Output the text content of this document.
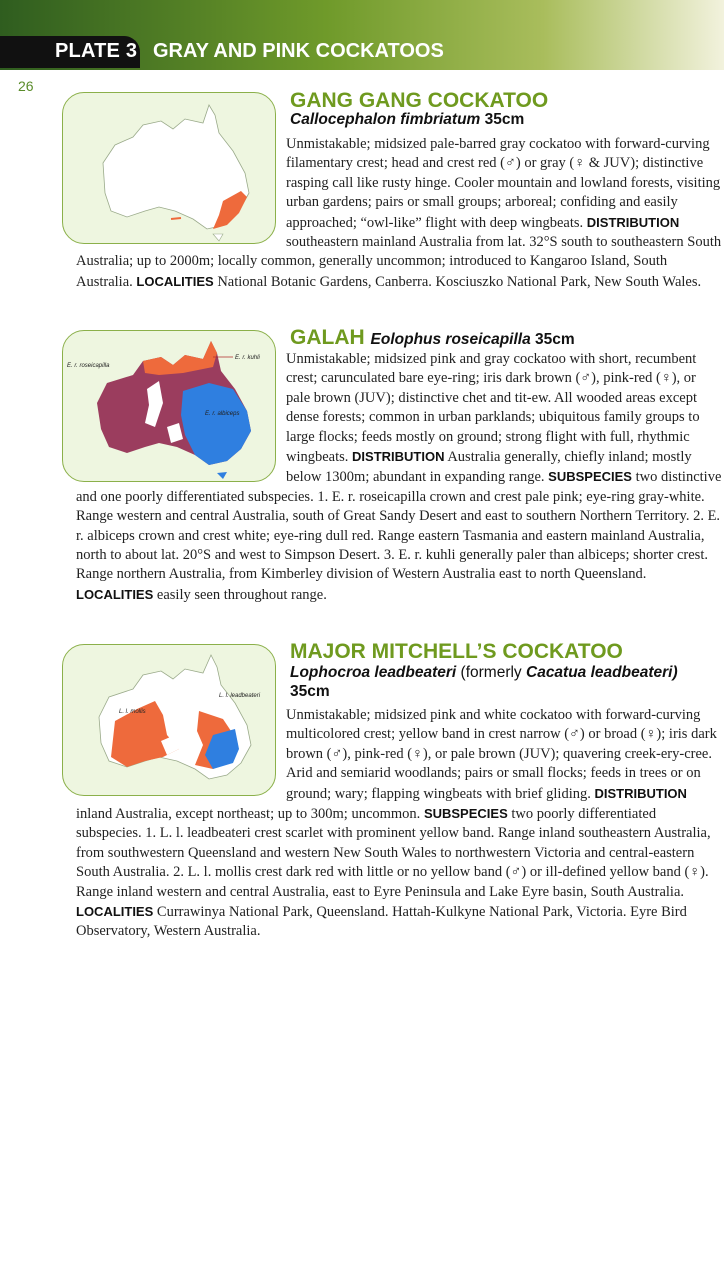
PLATE 3 GRAY AND PINK COCKATOOS
26
GANG GANG COCKATOO
Callocephalon fimbriatum 35cm
Unmistakable; midsized pale-barred gray cockatoo with forward-curving filamentary crest; head and crest red (♂) or gray (♀ & JUV); distinctive rasping call like rusty hinge. Cooler mountain and lowland forests, visiting urban gardens; pairs or small groups; arboreal; confiding and easily approached; “owl-like” flight with deep wingbeats. DISTRIBUTION southeastern mainland Australia from lat. 32°S south to southeastern South Australia; up to 2000m; locally common, generally uncommon; introduced to Kangaroo Island, South Australia. LOCALITIES National Botanic Gardens, Canberra. Kosciuszko National Park, New South Wales.
E. r. roseicapilla
E. r. kuhli
E. r. albiceps
GALAH Eolophus roseicapilla 35cm
Unmistakable; midsized pink and gray cockatoo with short, recumbent crest; carunculated bare eye-ring; iris dark brown (♂), pink-red (♀), or pale brown (JUV); distinctive chet and tit-ew. All wooded areas except dense forests; common in urban parklands; ubiquitous family groups to large flocks; feeds mostly on ground; strong flight with full, rhythmic wingbeats. DISTRIBUTION Australia generally, chiefly inland; mostly below 1300m; abundant in expanding range. SUBSPECIES two distinctive and one poorly differentiated subspecies. 1. E. r. roseicapilla crown and crest pale pink; eye-ring gray-white. Range western and central Australia, south of Great Sandy Desert and east to southern Northern Territory. 2. E. r. albiceps crown and crest white; eye-ring dull red. Range eastern Tasmania and eastern mainland Australia, north to about lat. 20°S and west to Simpson Desert. 3. E. r. kuhli generally paler than albiceps; shorter crest. Range northern Australia, from Kimberley division of Western Australia east to north Queensland. LOCALITIES easily seen throughout range.
L. l. mollis
L. l. leadbeateri
MAJOR MITCHELL’S COCKATOO
Lophocroa leadbeateri (formerly Cacatua leadbeateri)
35cm
Unmistakable; midsized pink and white cockatoo with forward-curving multicolored crest; yellow band in crest narrow (♂) or broad (♀); iris dark brown (♂), pink-red (♀), or pale brown (JUV); quavering creek-ery-cree. Arid and semiarid woodlands; pairs or small flocks; feeds in trees or on ground; wary; flapping wingbeats with brief gliding. DISTRIBUTION inland Australia, except northeast; up to 300m; uncommon. SUBSPECIES two poorly differentiated subspecies. 1. L. l. leadbeateri crest scarlet with prominent yellow band. Range inland southeastern Australia, from southwestern Queensland and western New South Wales to northwestern Victoria and central-eastern South Australia. 2. L. l. mollis crest dark red with little or no yellow band (♂) or ill-defined yellow band (♀). Range inland western and central Australia, east to Eyre Peninsula and Lake Eyre basin, South Australia. LOCALITIES Currawinya National Park, Queensland. Hattah-Kulkyne National Park, Victoria. Eyre Bird Observatory, Western Australia.
